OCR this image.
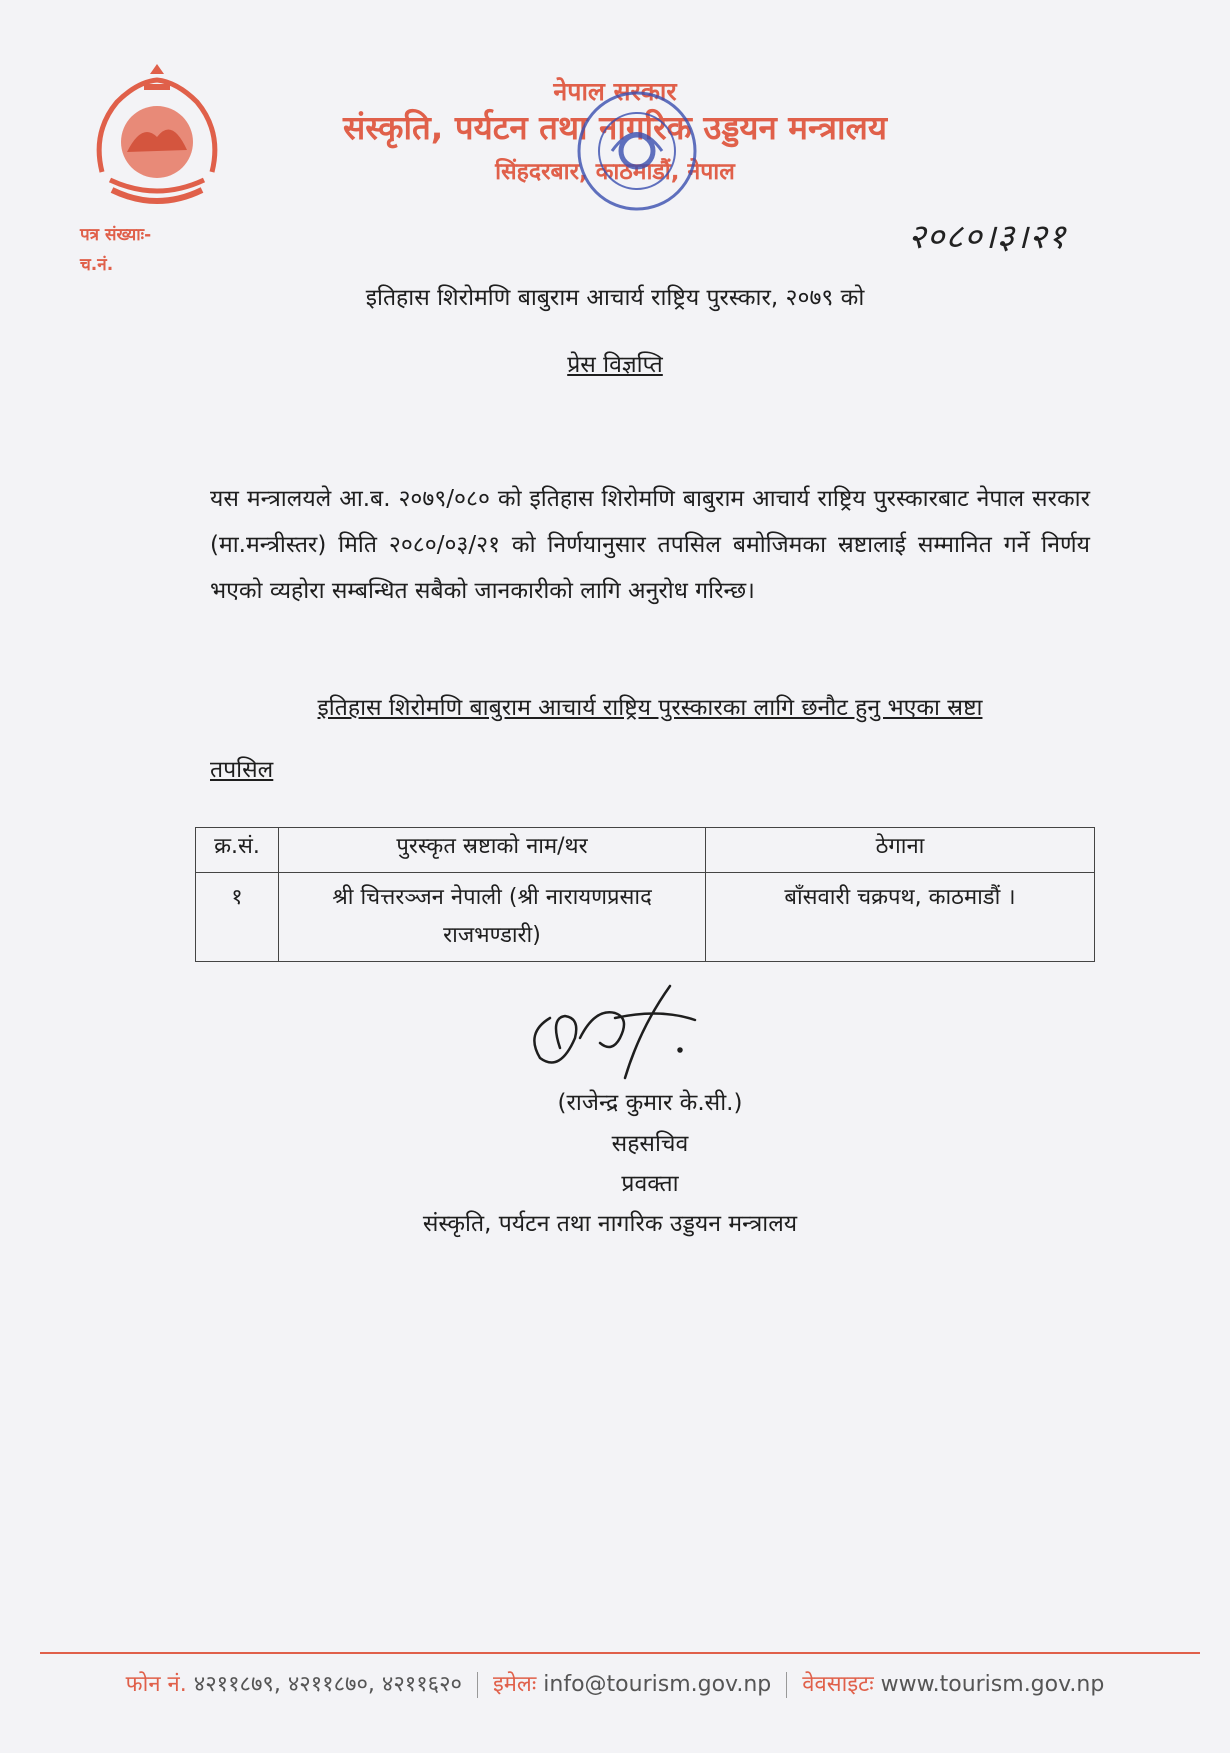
नेपाल सरकार
संस्कृति, पर्यटन तथा नागरिक उड्डयन मन्त्रालय
सिंहदरबार, काठमाडौं, नेपाल
पत्र संख्याः-
च.नं.
२०८०।३।२१
इतिहास शिरोमणि बाबुराम आचार्य राष्ट्रिय पुरस्कार, २०७९ को
प्रेस विज्ञप्ति
यस मन्त्रालयले आ.ब. २०७९/०८० को इतिहास शिरोमणि बाबुराम आचार्य राष्ट्रिय पुरस्कारबाट नेपाल सरकार (मा.मन्त्रीस्तर) मिति २०८०/०३/२१ को निर्णयानुसार तपसिल बमोजिमका स्रष्टालाई सम्मानित गर्ने निर्णय भएको व्यहोरा सम्बन्धित सबैको जानकारीको लागि अनुरोध गरिन्छ।
इतिहास शिरोमणि बाबुराम आचार्य राष्ट्रिय पुरस्कारका लागि छनौट हुनु भएका स्रष्टा
तपसिल
क्र.सं.	पुरस्कृत स्रष्टाको नाम/थर	ठेगाना
१	श्री चित्तरञ्जन नेपाली (श्री नारायणप्रसाद राजभण्डारी)	बाँसवारी चक्रपथ, काठमाडौं ।
(राजेन्द्र कुमार के.सी.)
सहसचिव
प्रवक्ता
संस्कृति, पर्यटन तथा नागरिक उड्डयन मन्त्रालय
फोन नं. ४२११८७९, ४२११८७०, ४२११६२० इमेलः info@tourism.gov.np वेवसाइटः www.tourism.gov.np
